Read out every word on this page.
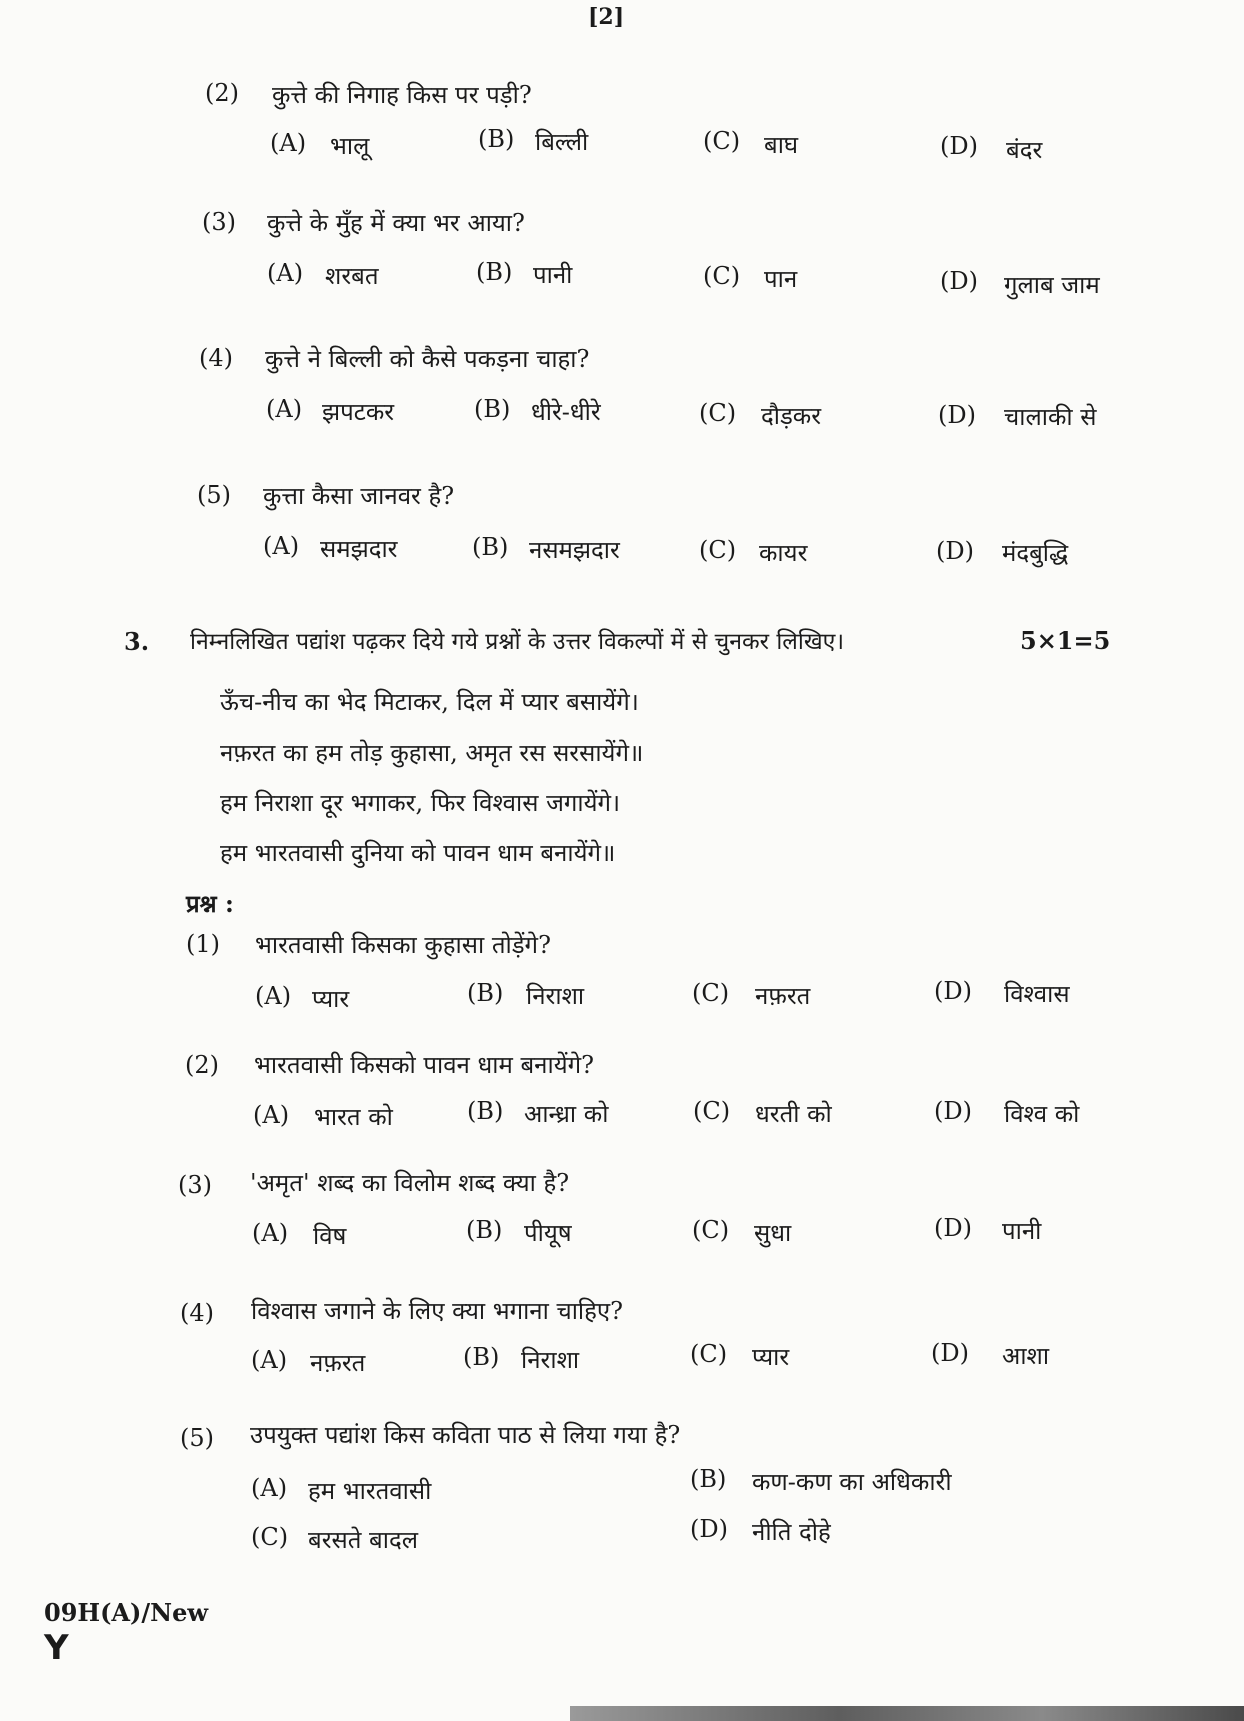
[2]
(2) कुत्ते की निगाह किस पर पड़ी?
(A) भालू	(B) बिल्ली	(C) बाघ	(D) बंदर
(3) कुत्ते के मुँह में क्या भर आया?
(A) शरबत	(B) पानी	(C) पान	(D) गुलाब जाम
(4) कुत्ते ने बिल्ली को कैसे पकड़ना चाहा?
(A) झपटकर	(B) धीरे-धीरे	(C) दौड़कर	(D) चालाकी से
(5) कुत्ता कैसा जानवर है?
(A) समझदार	(B) नसमझदार	(C) कायर	(D) मंदबुद्धि
3. निम्नलिखित पद्यांश पढ़कर दिये गये प्रश्नों के उत्तर विकल्पों में से चुनकर लिखिए।	5×1=5
ऊँच-नीच का भेद मिटाकर, दिल में प्यार बसायेंगे।
नफ़रत का हम तोड़ कुहासा, अमृत रस सरसायेंगे॥
हम निराशा दूर भगाकर, फिर विश्वास जगायेंगे।
हम भारतवासी दुनिया को पावन धाम बनायेंगे॥
प्रश्न :
(1) भारतवासी किसका कुहासा तोड़ेंगे?
(A) प्यार	(B) निराशा	(C) नफ़रत	(D) विश्वास
(2) भारतवासी किसको पावन धाम बनायेंगे?
(A) भारत को	(B) आन्ध्रा को	(C) धरती को	(D) विश्व को
(3) 'अमृत' शब्द का विलोम शब्द क्या है?
(A) विष	(B) पीयूष	(C) सुधा	(D) पानी
(4) विश्वास जगाने के लिए क्या भगाना चाहिए?
(A) नफ़रत	(B) निराशा	(C) प्यार	(D) आशा
(5) उपयुक्त पद्यांश किस कविता पाठ से लिया गया है?
(A) हम भारतवासी	(B) कण-कण का अधिकारी
(C) बरसते बादल	(D) नीति दोहे
09H(A)/New
Y
